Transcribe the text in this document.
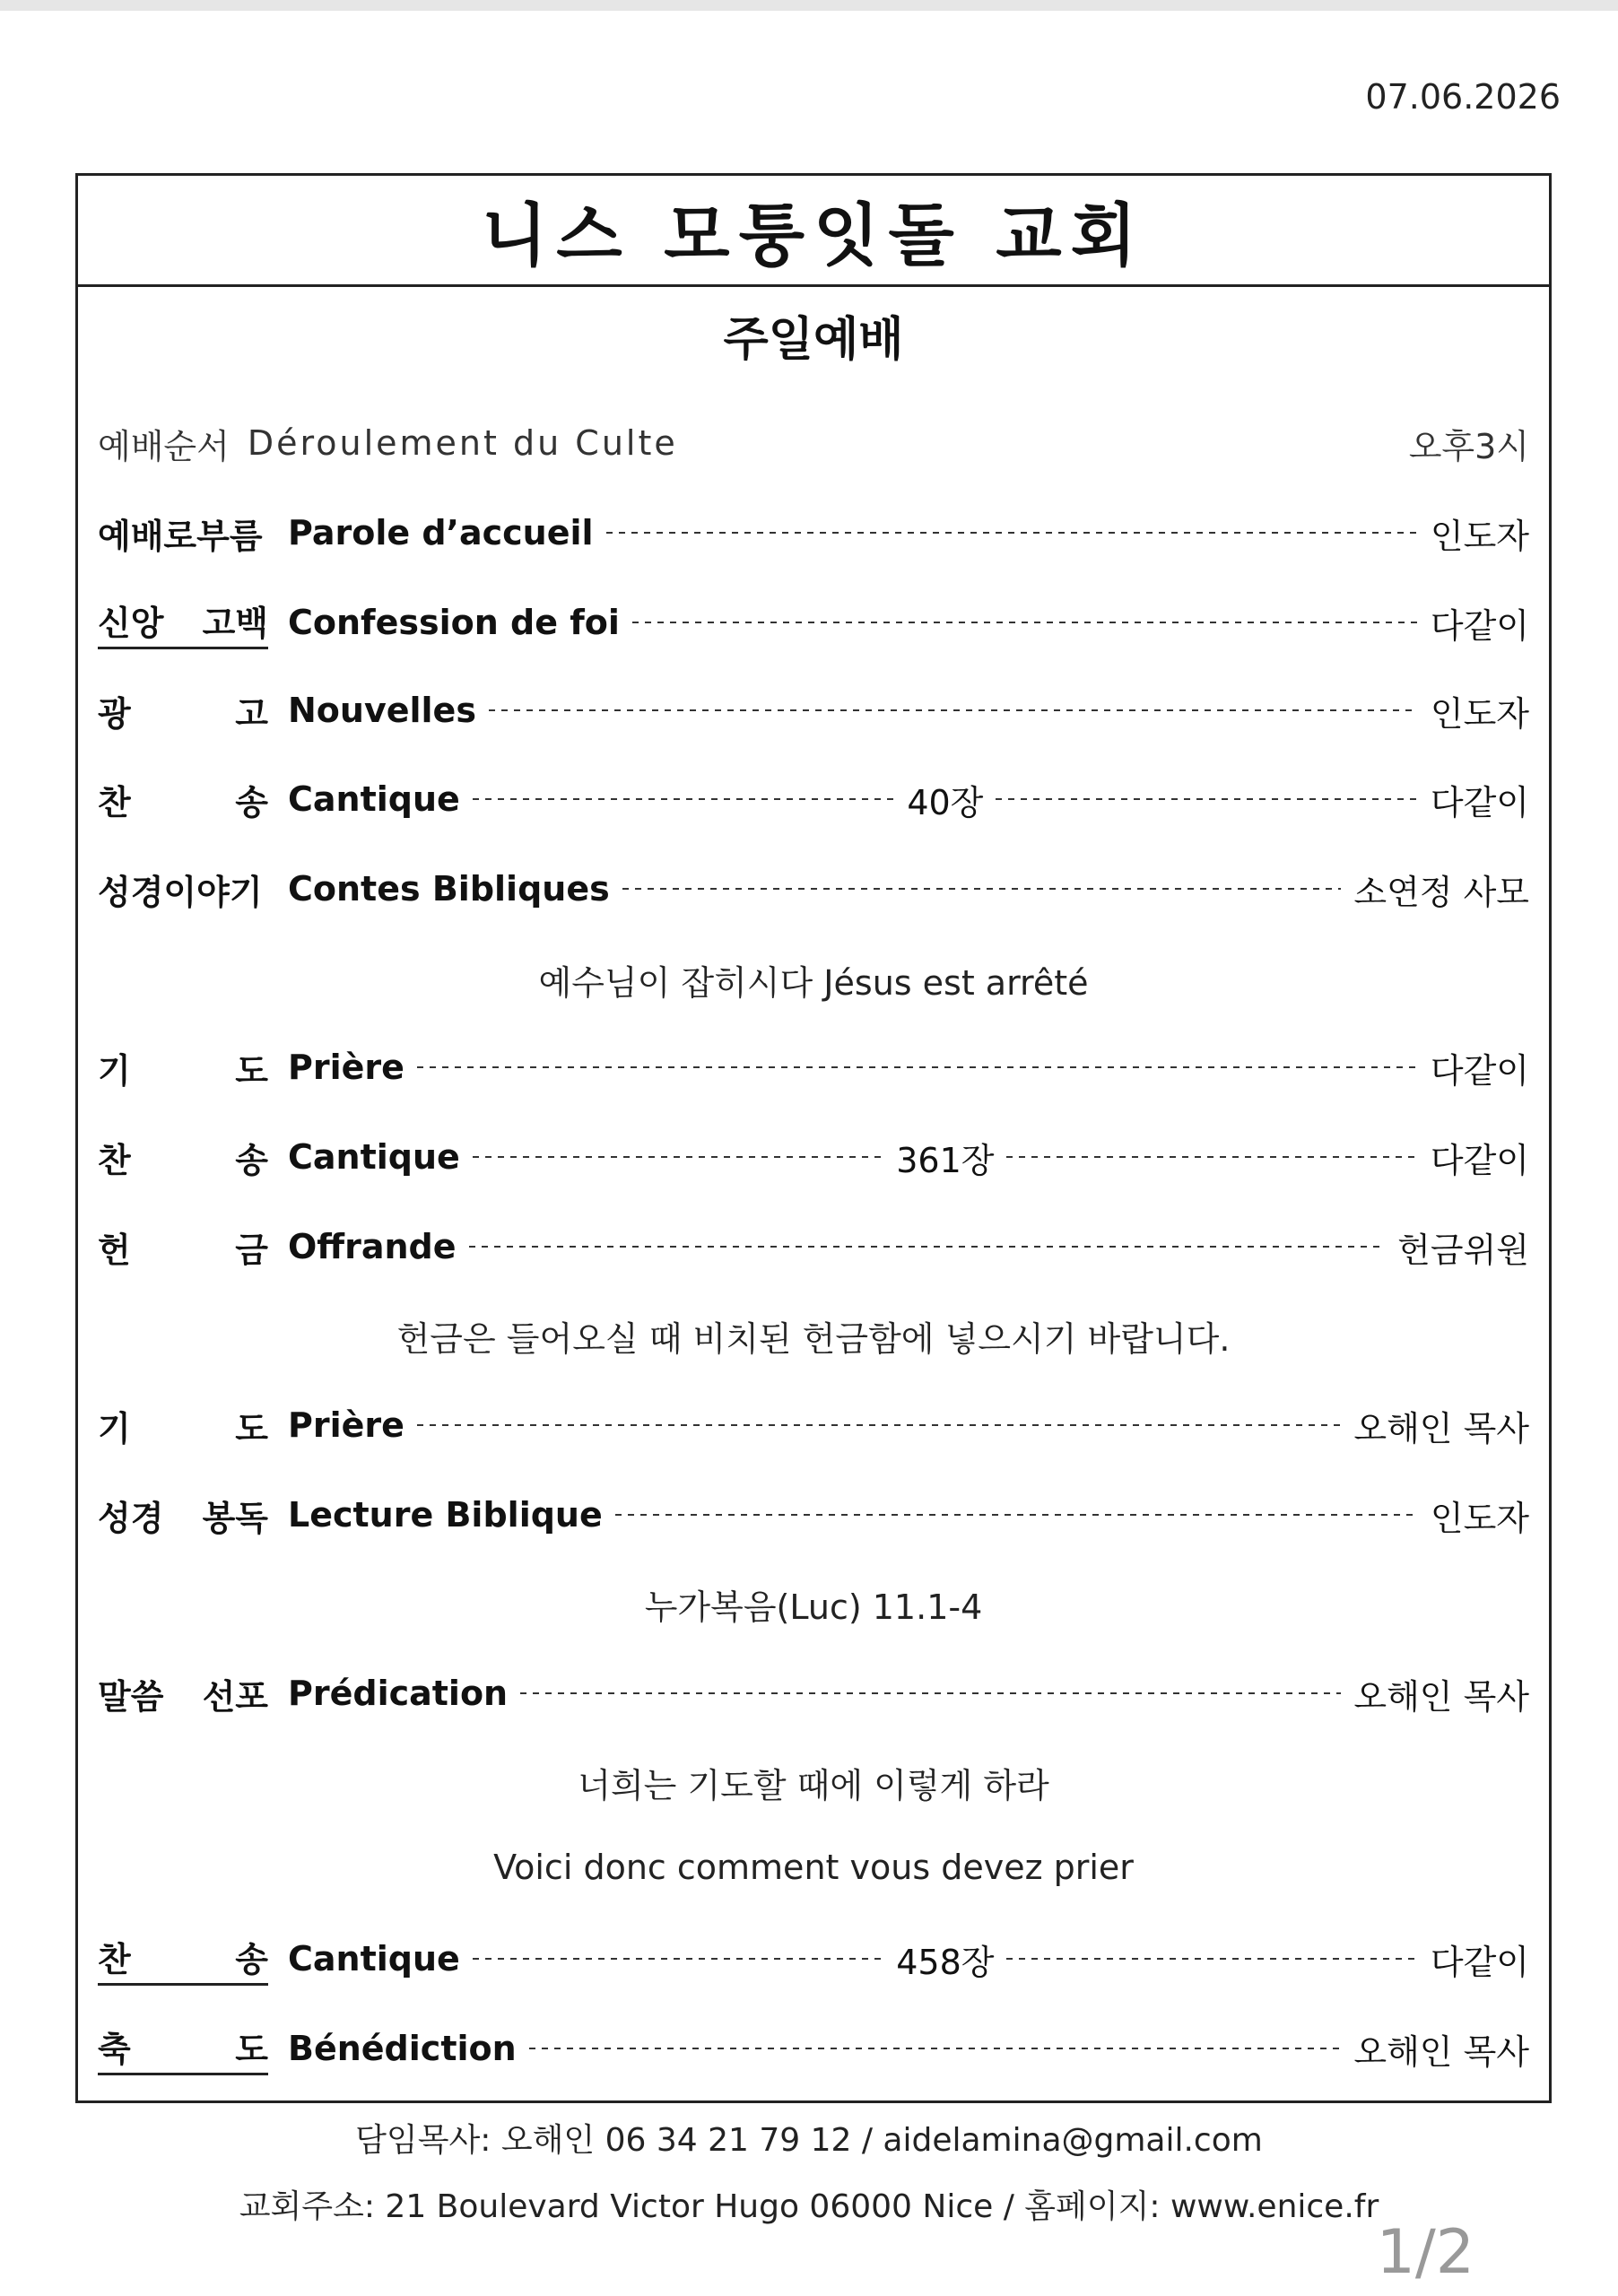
07.06.2026
니스 모퉁잇돌 교회
주일예배
예배순서 Déroulement du Culte	오후3시
예배로부름 Parole d’accueil	인도자
신앙 고백 Confession de foi	다같이
광	고 Nouvelles	인도자
찬	송 Cantique	40장	다같이
성경이야기 Contes Bibliques	소연정 사모
예수님이 잡히시다 Jésus est arrêté
기	도 Prière	다같이
찬	송 Cantique	361장	다같이
헌	금 Offrande	헌금위원
헌금은 들어오실 때 비치된 헌금함에 넣으시기 바랍니다.
기	도 Prière	오해인 목사
성경 봉독 Lecture Biblique	인도자
누가복음(Luc) 11.1-4
말씀 선포 Prédication	오해인 목사
너희는 기도할 때에 이렇게 하라
Voici donc comment vous devez prier
찬	송 Cantique	458장	다같이
축	도 Bénédiction	오해인 목사
담임목사: 오해인 06 34 21 79 12 / aidelamina@gmail.com
교회주소: 21 Boulevard Victor Hugo 06000 Nice / 홈페이지: www.enice.fr
1/2
